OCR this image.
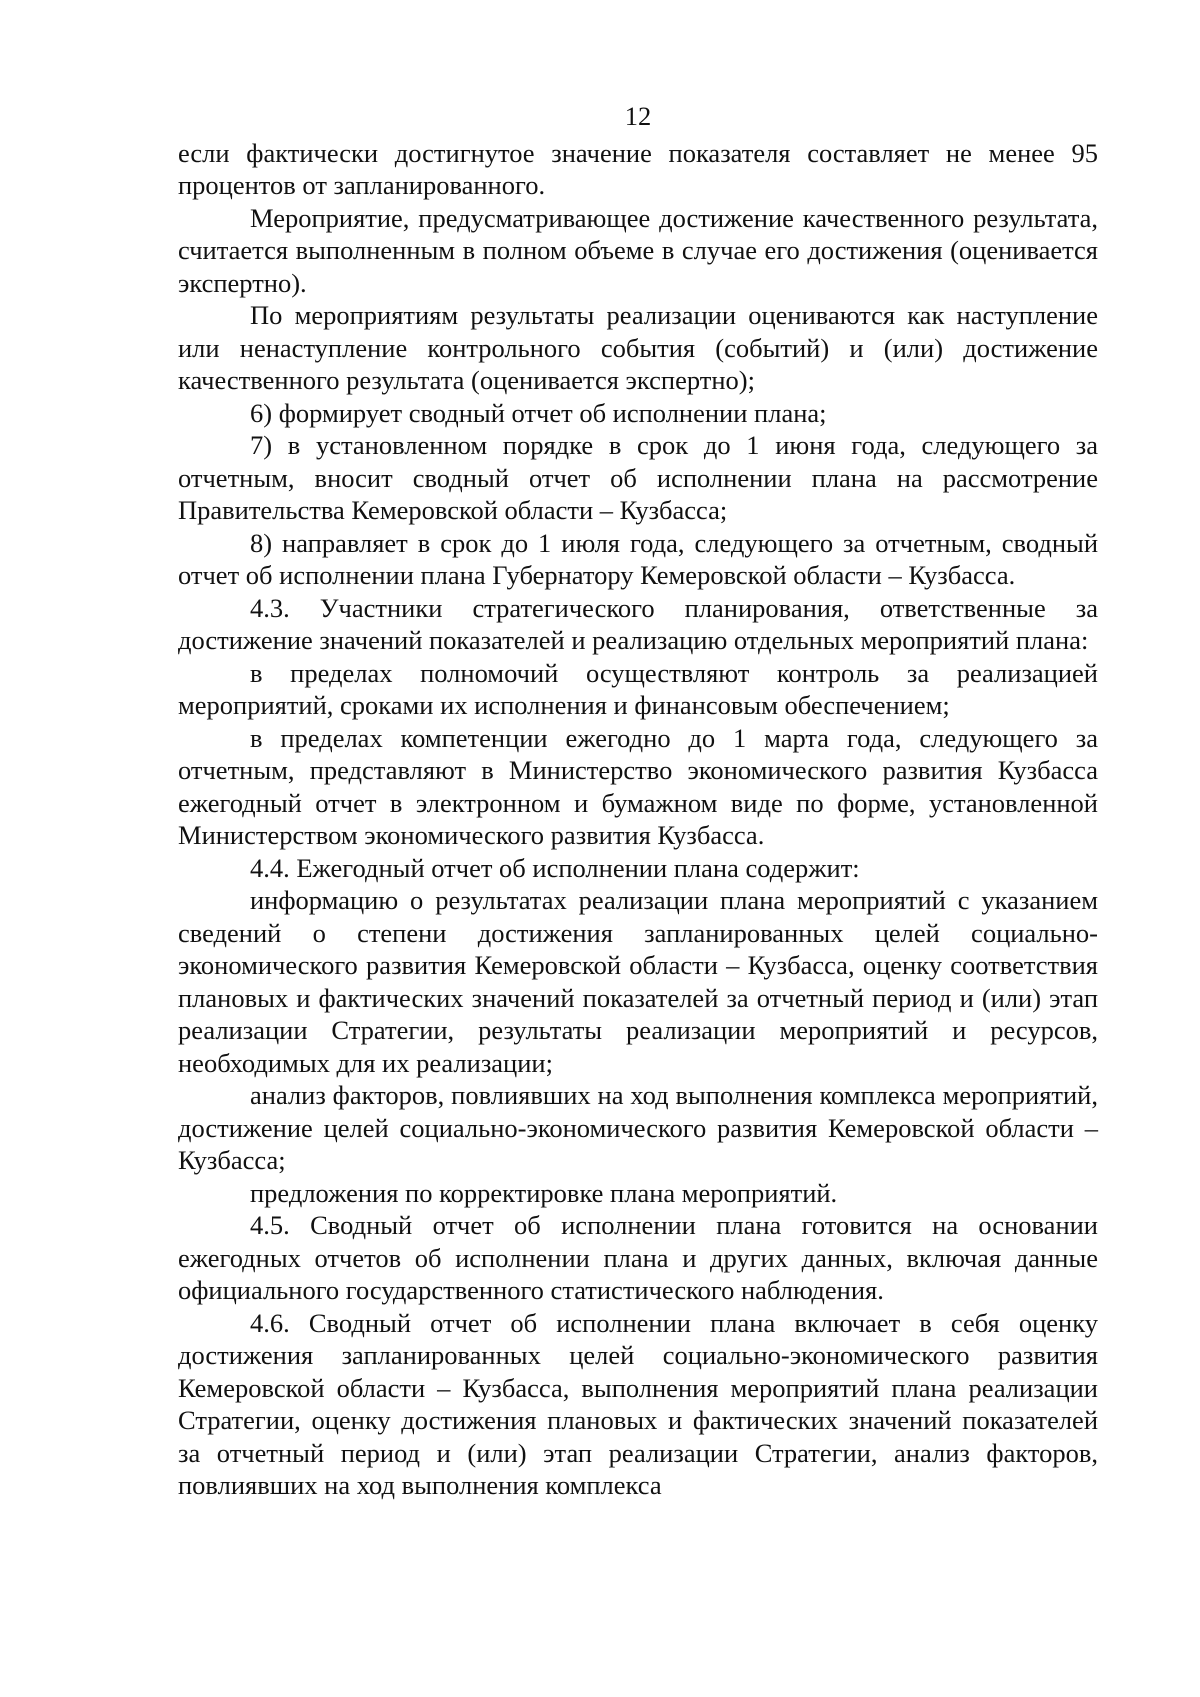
12

если фактически достигнутое значение показателя составляет не менее 95 процентов от запланированного.

Мероприятие, предусматривающее достижение качественного результата, считается выполненным в полном объеме в случае его достижения (оценивается экспертно).

По мероприятиям результаты реализации оцениваются как наступление или ненаступление контрольного события (событий) и (или) достижение качественного результата (оценивается экспертно);

6) формирует сводный отчет об исполнении плана;

7) в установленном порядке в срок до 1 июня года, следующего за отчетным, вносит сводный отчет об исполнении плана на рассмотрение Правительства Кемеровской области – Кузбасса;

8) направляет в срок до 1 июля года, следующего за отчетным, сводный отчет об исполнении плана Губернатору Кемеровской области – Кузбасса.

4.3. Участники стратегического планирования, ответственные за достижение значений показателей и реализацию отдельных мероприятий плана:

в пределах полномочий осуществляют контроль за реализацией мероприятий, сроками их исполнения и финансовым обеспечением;

в пределах компетенции ежегодно до 1 марта года, следующего за отчетным, представляют в Министерство экономического развития Кузбасса ежегодный отчет в электронном и бумажном виде по форме, установленной Министерством экономического развития Кузбасса.

4.4. Ежегодный отчет об исполнении плана содержит:

информацию о результатах реализации плана мероприятий с указанием сведений о степени достижения запланированных целей социально-экономического развития Кемеровской области – Кузбасса, оценку соответствия плановых и фактических значений показателей за отчетный период и (или) этап реализации Стратегии, результаты реализации мероприятий и ресурсов, необходимых для их реализации;

анализ факторов, повлиявших на ход выполнения комплекса мероприятий, достижение целей социально-экономического развития Кемеровской области – Кузбасса;

предложения по корректировке плана мероприятий.

4.5. Сводный отчет об исполнении плана готовится на основании ежегодных отчетов об исполнении плана и других данных, включая данные официального государственного статистического наблюдения.

4.6. Сводный отчет об исполнении плана включает в себя оценку достижения запланированных целей социально-экономического развития Кемеровской области – Кузбасса, выполнения мероприятий плана реализации Стратегии, оценку достижения плановых и фактических значений показателей за отчетный период и (или) этап реализации Стратегии, анализ факторов, повлиявших на ход выполнения комплекса
